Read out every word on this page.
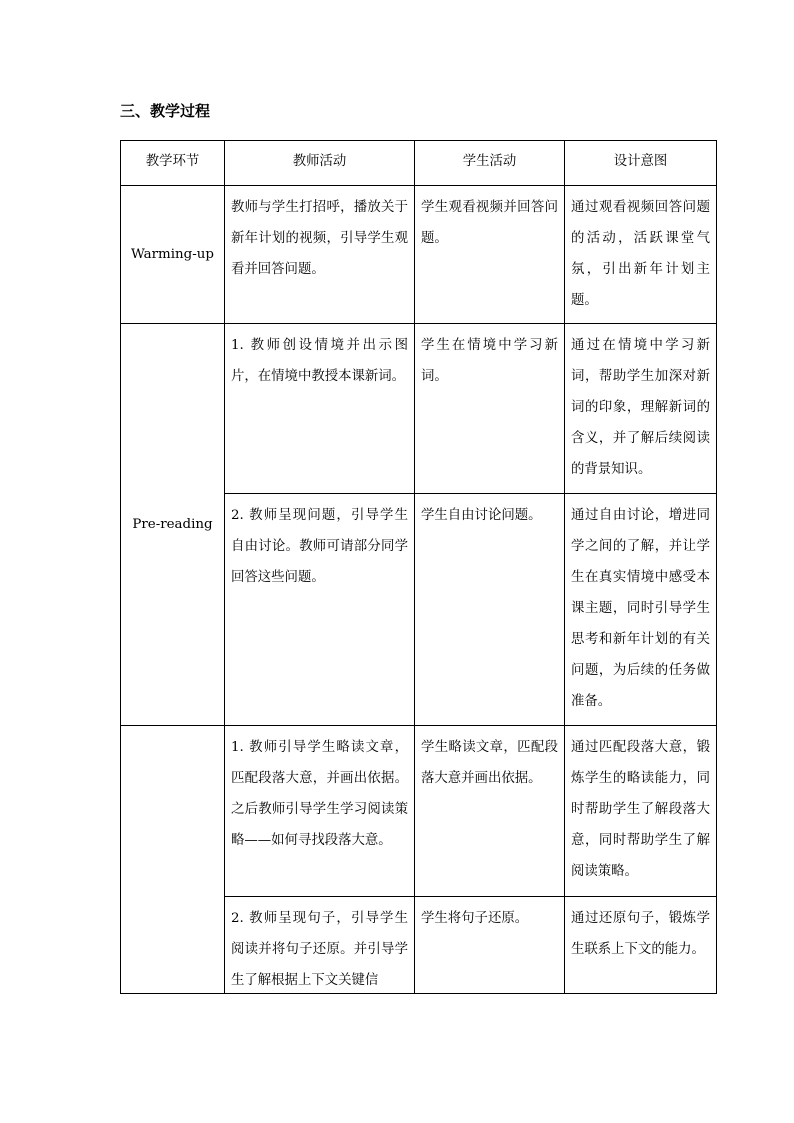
三、教学过程
教学环节	教师活动	学生活动	设计意图
Warming-up	教师与学生打招呼，播放关于新年计划的视频，引导学生观看并回答问题。	学生观看视频并回答问题。	通过观看视频回答问题的活动，活跃课堂气氛，引出新年计划主题。
Pre-reading	1. 教师创设情境并出示图片，在情境中教授本课新词。	学生在情境中学习新词。	通过在情境中学习新词，帮助学生加深对新词的印象，理解新词的含义，并了解后续阅读的背景知识。
	2. 教师呈现问题，引导学生自由讨论。教师可请部分同学回答这些问题。	学生自由讨论问题。	通过自由讨论，增进同学之间的了解，并让学生在真实情境中感受本课主题，同时引导学生思考和新年计划的有关问题，为后续的任务做准备。
	1. 教师引导学生略读文章，匹配段落大意，并画出依据。之后教师引导学生学习阅读策略——如何寻找段落大意。	学生略读文章，匹配段落大意并画出依据。	通过匹配段落大意，锻炼学生的略读能力，同时帮助学生了解段落大意，同时帮助学生了解阅读策略。

	2. 教师呈现句子，引导学生阅读并将句子还原。并引导学生了解根据上下文关键信	学生将句子还原。	通过还原句子，锻炼学生联系上下文的能力。
